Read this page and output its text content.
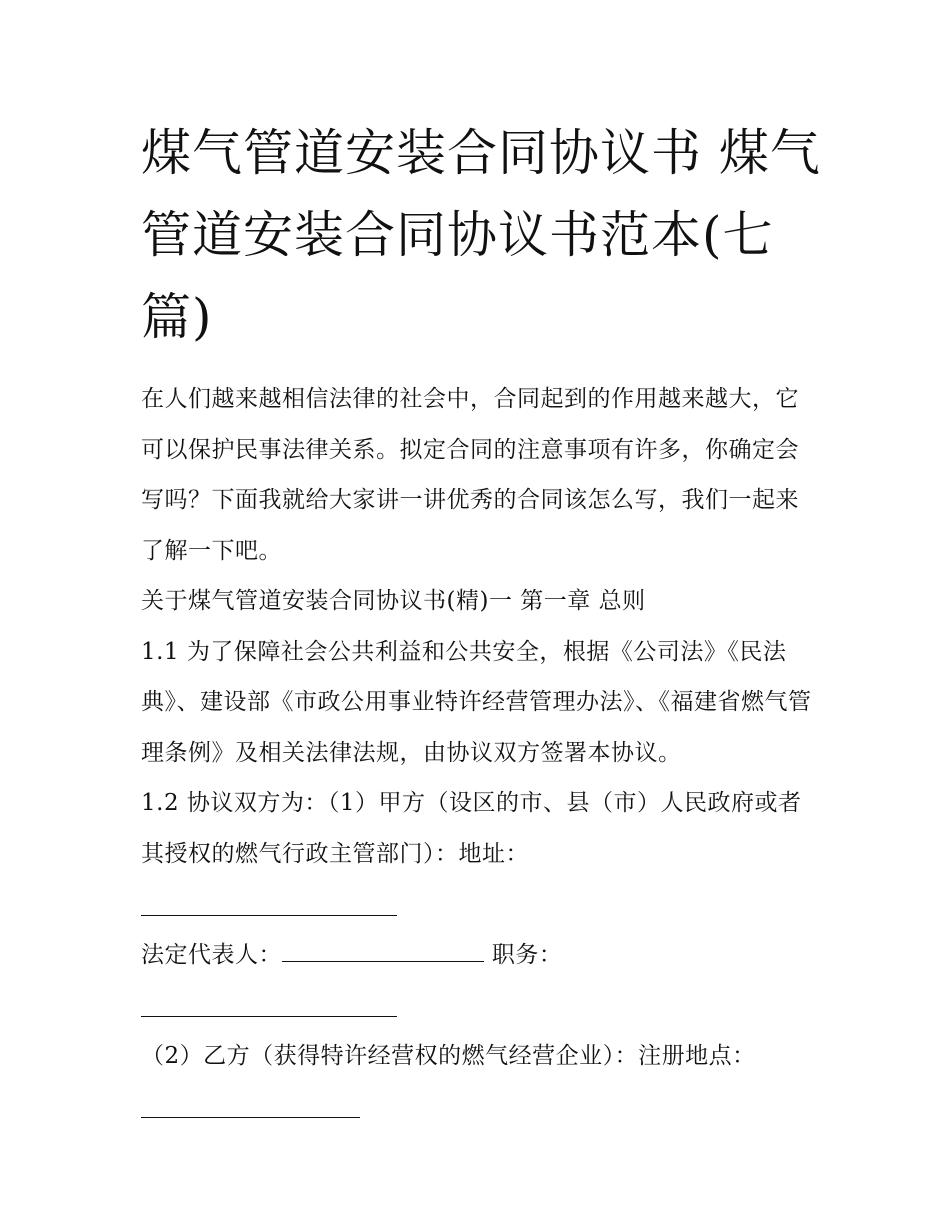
煤气管道安装合同协议书 煤气管道安装合同协议书范本(七篇)

在人们越来越相信法律的社会中，合同起到的作用越来越大，它可以保护民事法律关系。拟定合同的注意事项有许多，你确定会写吗？下面我就给大家讲一讲优秀的合同该怎么写，我们一起来了解一下吧。

关于煤气管道安装合同协议书(精)一 第一章 总则

1.1 为了保障社会公共利益和公共安全，根据《公司法》《民法典》、建设部《市政公用事业特许经营管理办法》、《福建省燃气管理条例》及相关法律法规，由协议双方签署本协议。

1.2 协议双方为：（1）甲方（设区的市、县（市）人民政府或者其授权的燃气行政主管部门）：地址：

法定代表人：	职务：

（2）乙方（获得特许经营权的燃气经营企业）：注册地点：
